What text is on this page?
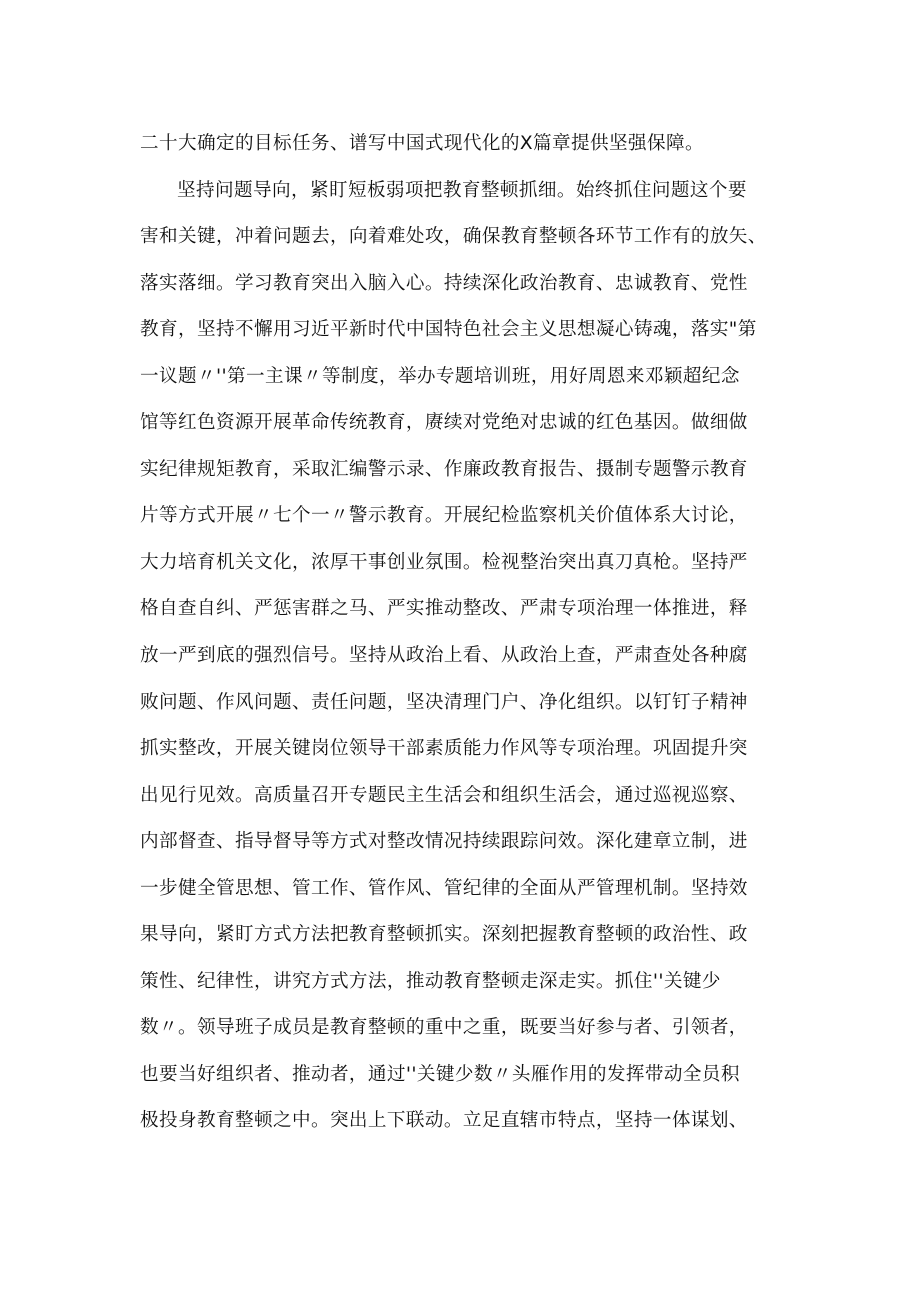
二十大确定的目标任务、谱写中国式现代化的X篇章提供坚强保障。

坚持问题导向，紧盯短板弱项把教育整顿抓细。始终抓住问题这个要

害和关键，冲着问题去，向着难处攻，确保教育整顿各环节工作有的放矢、

落实落细。学习教育突出入脑入心。持续深化政治教育、忠诚教育、党性

教育，坚持不懈用习近平新时代中国特色社会主义思想凝心铸魂，落实"第

一议题〃''第一主课〃等制度，举办专题培训班，用好周恩来邓颖超纪念

馆等红色资源开展革命传统教育，赓续对党绝对忠诚的红色基因。做细做

实纪律规矩教育，采取汇编警示录、作廉政教育报告、摄制专题警示教育

片等方式开展〃七个一〃警示教育。开展纪检监察机关价值体系大讨论，

大力培育机关文化，浓厚干事创业氛围。检视整治突出真刀真枪。坚持严

格自查自纠、严惩害群之马、严实推动整改、严肃专项治理一体推进，释

放一严到底的强烈信号。坚持从政治上看、从政治上查，严肃查处各种腐

败问题、作风问题、责任问题，坚决清理门户、净化组织。以钉钉子精神

抓实整改，开展关键岗位领导干部素质能力作风等专项治理。巩固提升突

出见行见效。高质量召开专题民主生活会和组织生活会，通过巡视巡察、

内部督查、指导督导等方式对整改情况持续跟踪问效。深化建章立制，进

一步健全管思想、管工作、管作风、管纪律的全面从严管理机制。坚持效

果导向，紧盯方式方法把教育整顿抓实。深刻把握教育整顿的政治性、政

策性、纪律性，讲究方式方法，推动教育整顿走深走实。抓住''关键少

数〃。领导班子成员是教育整顿的重中之重，既要当好参与者、引领者，

也要当好组织者、推动者，通过''关键少数〃头雁作用的发挥带动全员积

极投身教育整顿之中。突出上下联动。立足直辖市特点，坚持一体谋划、
